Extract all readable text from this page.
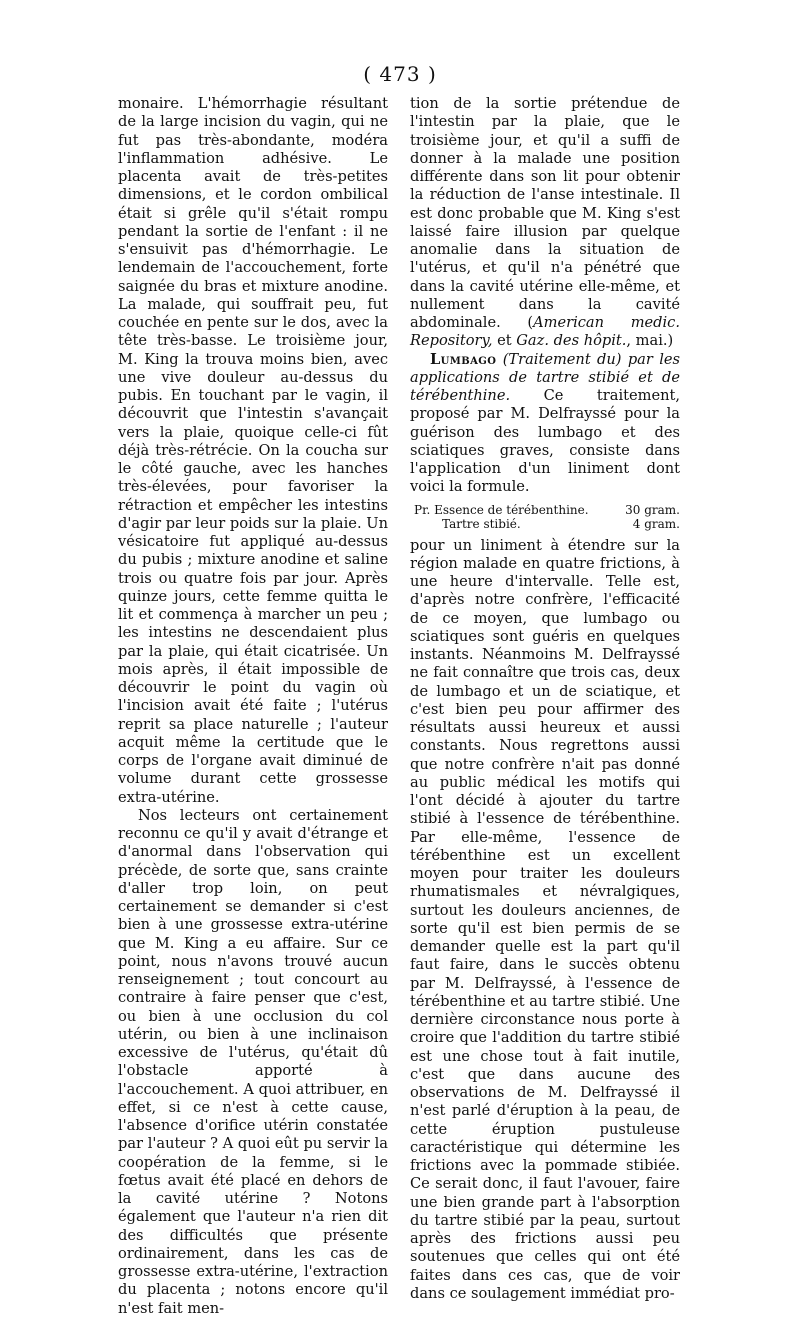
( 473 )

monaire. L'hémorrhagie résultant de la large incision du vagin, qui ne fut pas très-abondante, modéra l'inflammation adhésive. Le placenta avait de très-petites dimensions, et le cordon ombilical était si grêle qu'il s'était rompu pendant la sortie de l'enfant : il ne s'ensuivit pas d'hémorrhagie. Le lendemain de l'accouchement, forte saignée du bras et mixture anodine. La malade, qui souffrait peu, fut couchée en pente sur le dos, avec la tête très-basse. Le troisième jour, M. King la trouva moins bien, avec une vive douleur au-dessus du pubis. En touchant par le vagin, il découvrit que l'intestin s'avançait vers la plaie, quoique celle-ci fût déjà très-rétrécie. On la coucha sur le côté gauche, avec les hanches très-élevées, pour favoriser la rétraction et empêcher les intestins d'agir par leur poids sur la plaie. Un vésicatoire fut appliqué au-dessus du pubis ; mixture anodine et saline trois ou quatre fois par jour. Après quinze jours, cette femme quitta le lit et commença à marcher un peu ; les intestins ne descendaient plus par la plaie, qui était cicatrisée. Un mois après, il était impossible de découvrir le point du vagin où l'incision avait été faite ; l'utérus reprit sa place naturelle ; l'auteur acquit même la certitude que le corps de l'organe avait diminué de volume durant cette grossesse extra-utérine.

Nos lecteurs ont certainement reconnu ce qu'il y avait d'étrange et d'anormal dans l'observation qui précède, de sorte que, sans crainte d'aller trop loin, on peut certainement se demander si c'est bien à une grossesse extra-utérine que M. King a eu affaire. Sur ce point, nous n'avons trouvé aucun renseignement ; tout concourt au contraire à faire penser que c'est, ou bien à une occlusion du col utérin, ou bien à une inclinaison excessive de l'utérus, qu'était dû l'obstacle apporté à l'accouchement. A quoi attribuer, en effet, si ce n'est à cette cause, l'absence d'orifice utérin constatée par l'auteur ? A quoi eût pu servir la coopération de la femme, si le fœtus avait été placé en dehors de la cavité utérine ? Notons également que l'auteur n'a rien dit des difficultés que présente ordinairement, dans les cas de grossesse extra-utérine, l'extraction du placenta ; notons encore qu'il n'est fait men-

tion de la sortie prétendue de l'intestin par la plaie, que le troisième jour, et qu'il a suffi de donner à la malade une position différente dans son lit pour obtenir la réduction de l'anse intestinale. Il est donc probable que M. King s'est laissé faire illusion par quelque anomalie dans la situation de l'utérus, et qu'il n'a pénétré que dans la cavité utérine elle-même, et nullement dans la cavité abdominale. (American medic. Repository, et Gaz. des hôpit., mai.)

Lumbago (Traitement du) par les applications de tartre stibié et de térébenthine. Ce traitement, proposé par M. Delfrayssé pour la guérison des lumbago et des sciatiques graves, consiste dans l'application d'un liniment dont voici la formule.

Pr. Essence de térébenthine.	30 gram.
Tartre stibié.	4 gram.

pour un liniment à étendre sur la région malade en quatre frictions, à une heure d'intervalle. Telle est, d'après notre confrère, l'efficacité de ce moyen, que lumbago ou sciatiques sont guéris en quelques instants. Néanmoins M. Delfrayssé ne fait connaître que trois cas, deux de lumbago et un de sciatique, et c'est bien peu pour affirmer des résultats aussi heureux et aussi constants. Nous regrettons aussi que notre confrère n'ait pas donné au public médical les motifs qui l'ont décidé à ajouter du tartre stibié à l'essence de térébenthine. Par elle-même, l'essence de térébenthine est un excellent moyen pour traiter les douleurs rhumatismales et névralgiques, surtout les douleurs anciennes, de sorte qu'il est bien permis de se demander quelle est la part qu'il faut faire, dans le succès obtenu par M. Delfrayssé, à l'essence de térébenthine et au tartre stibié. Une dernière circonstance nous porte à croire que l'addition du tartre stibié est une chose tout à fait inutile, c'est que dans aucune des observations de M. Delfrayssé il n'est parlé d'éruption à la peau, de cette éruption pustuleuse caractéristique qui détermine les frictions avec la pommade stibiée. Ce serait donc, il faut l'avouer, faire une bien grande part à l'absorption du tartre stibié par la peau, surtout après des frictions aussi peu soutenues que celles qui ont été faites dans ces cas, que de voir dans ce soulagement immédiat pro-
